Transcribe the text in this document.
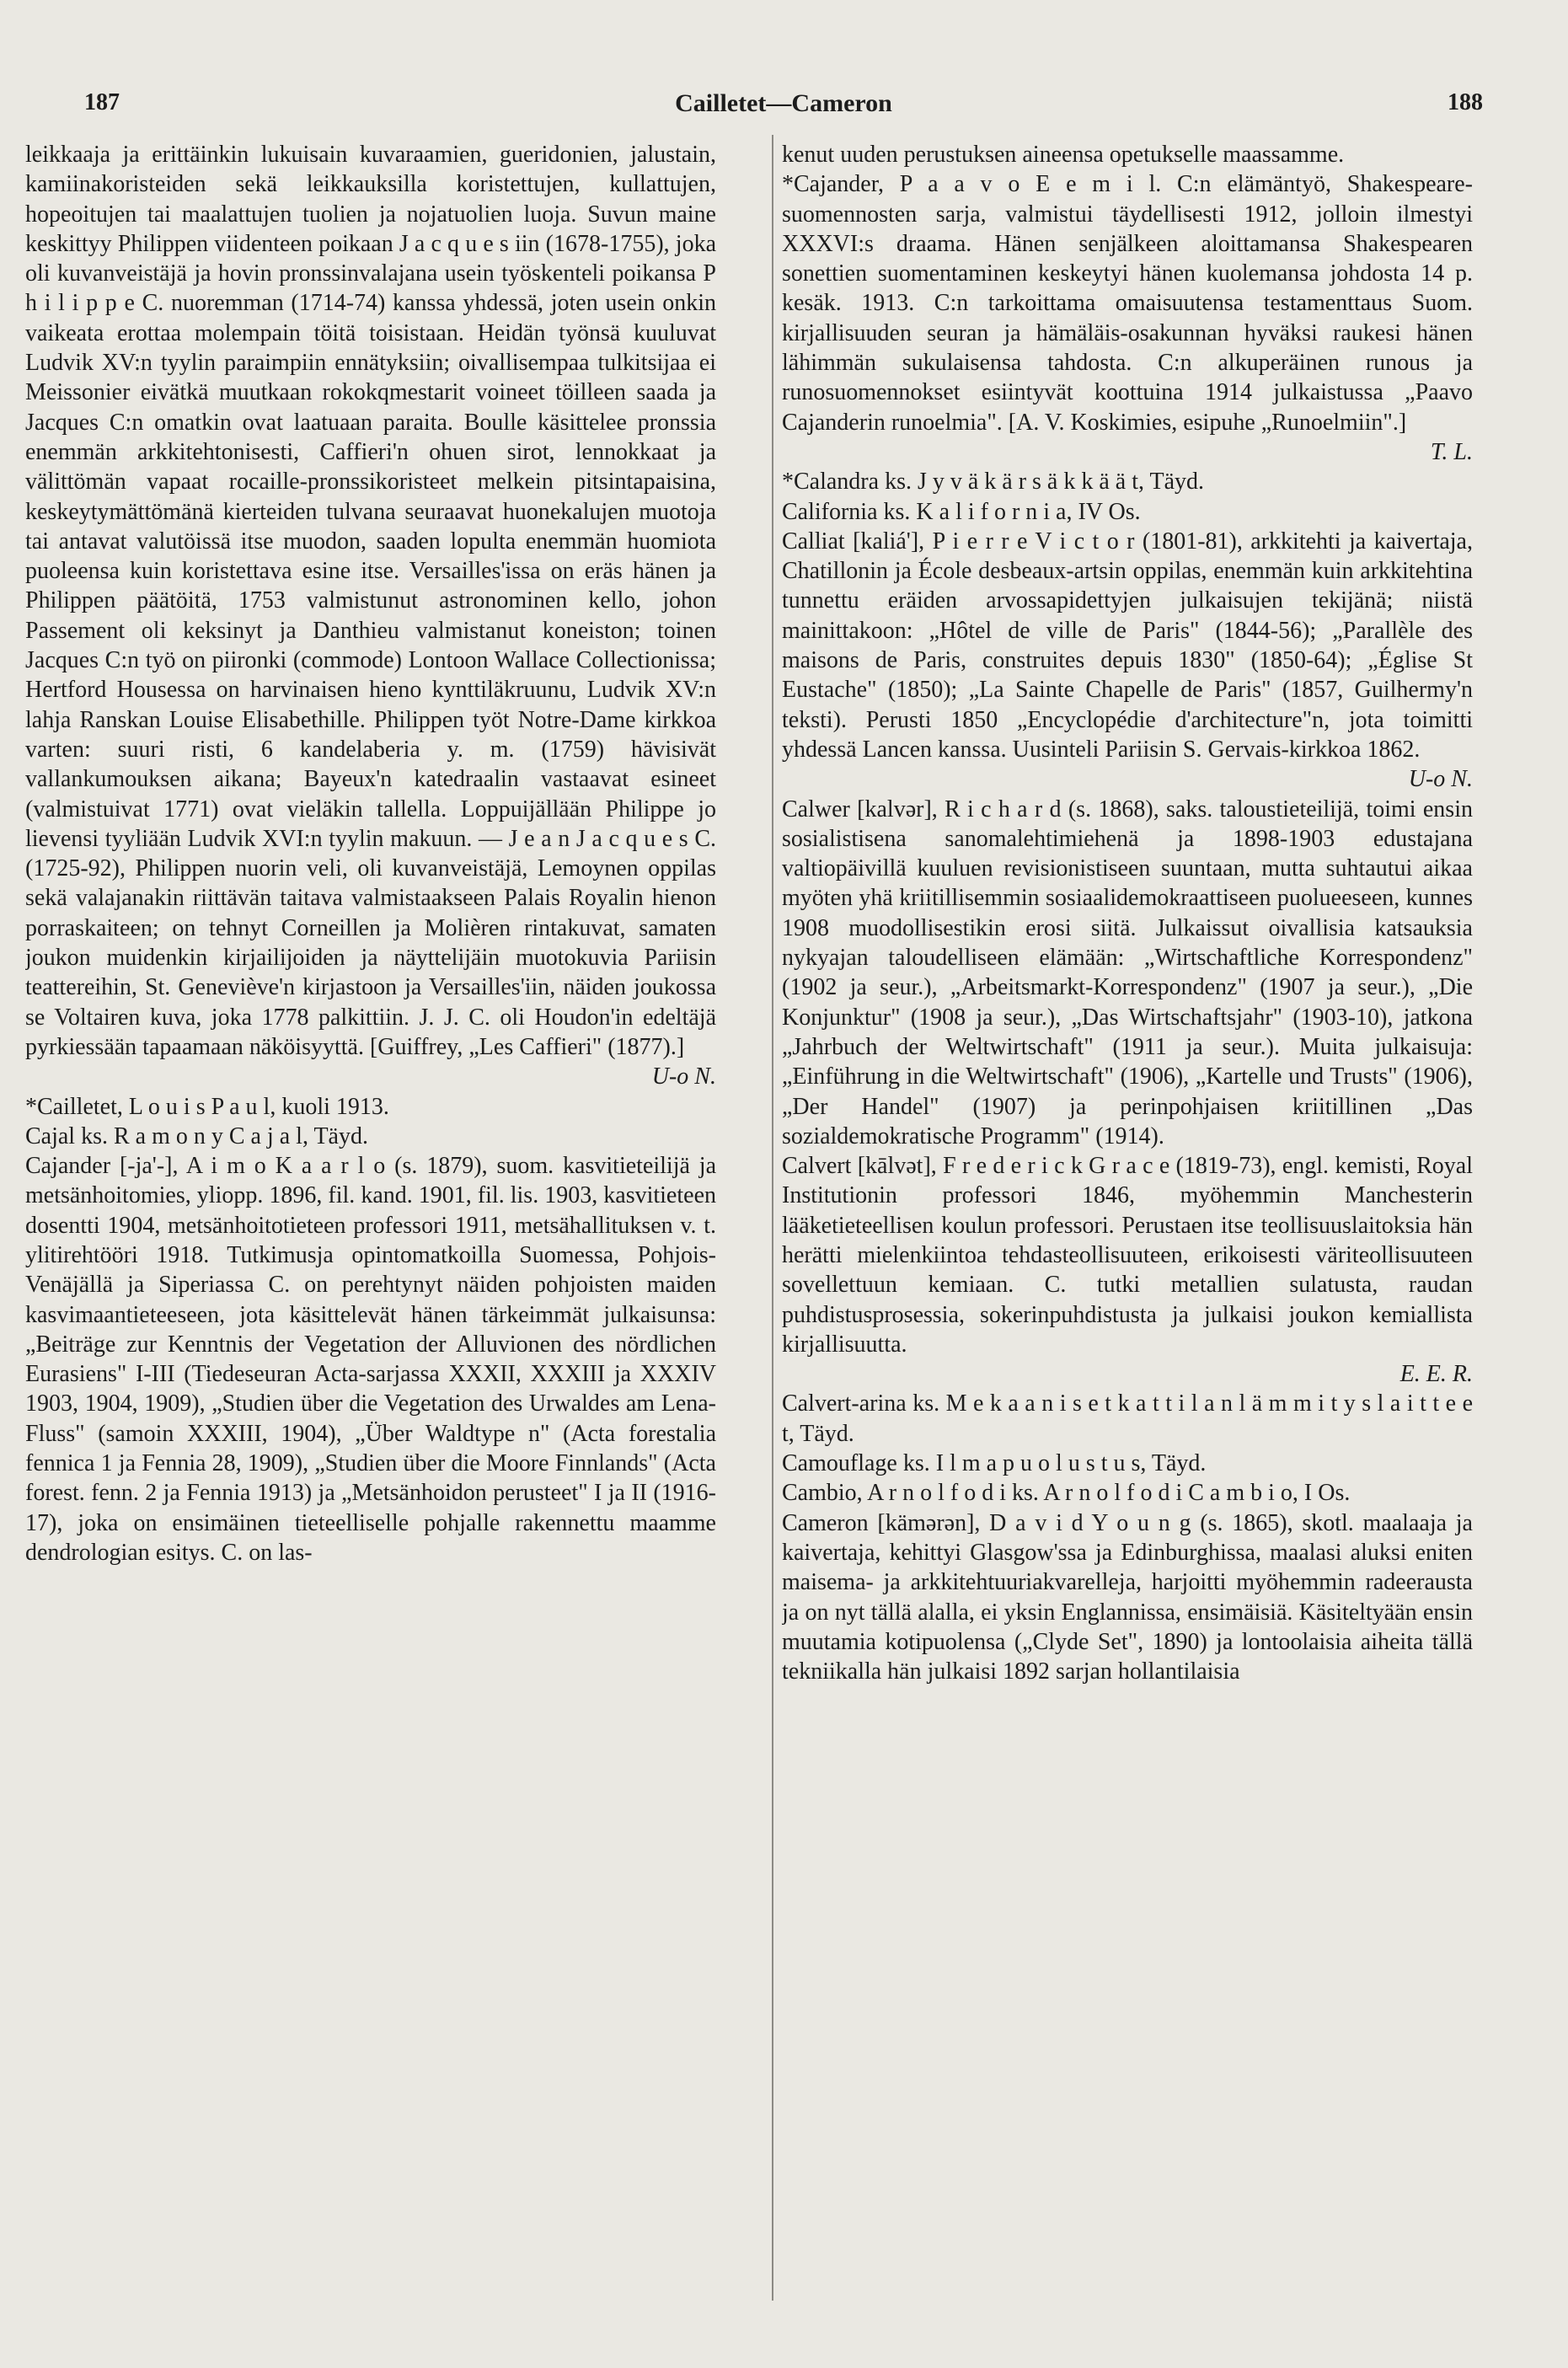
187	Cailletet—Cameron	188

leikkaaja ja erittäinkin lukuisain kuvaraamien, gueridonien, jalustain, kamiinakoristeiden sekä leikkauksilla koristettujen, kullattujen, hopeoitujen tai maalattujen tuolien ja nojatuolien luoja. Suvun maine keskittyy Philippen viidenteen poikaan J a c q u e s iin (1678-1755), joka oli kuvanveistäjä ja hovin pronssinvalajana usein työskenteli poikansa P h i l i p p e C. nuoremman (1714-74) kanssa yhdessä, joten usein onkin vaikeata erottaa molempain töitä toisistaan. Heidän työnsä kuuluvat Ludvik XV:n tyylin paraimpiin ennätyksiin; oivallisempaa tulkitsijaa ei Meissonier eivätkä muutkaan rokokqmestarit voineet töilleen saada ja Jacques C:n omatkin ovat laatuaan paraita. Boulle käsittelee pronssia enemmän arkkitehtonisesti, Caffieri'n ohuen sirot, lennokkaat ja välittömän vapaat rocaille-pronssikoristeet melkein pitsintapaisina, keskeytymättömänä kierteiden tulvana seuraavat huonekalujen muotoja tai antavat valutöissä itse muodon, saaden lopulta enemmän huomiota puoleensa kuin koristettava esine itse. Versailles'issa on eräs hänen ja Philippen päätöitä, 1753 valmistunut astronominen kello, johon Passement oli keksinyt ja Danthieu valmistanut koneiston; toinen Jacques C:n työ on piironki (commode) Lontoon Wallace Collectionissa; Hertford Housessa on harvinaisen hieno kynttiläkruunu, Ludvik XV:n lahja Ranskan Louise Elisabethille. Philippen työt Notre-Dame kirkkoa varten: suuri risti, 6 kandelaberia y. m. (1759) hävisivät vallankumouksen aikana; Bayeux'n katedraalin vastaavat esineet (valmistuivat 1771) ovat vieläkin tallella. Loppuijällään Philippe jo lievensi tyyliään Ludvik XVI:n tyylin makuun. — J e a n J a c q u e s C. (1725-92), Philippen nuorin veli, oli kuvanveistäjä, Lemoynen oppilas sekä valajanakin riittävän taitava valmistaakseen Palais Royalin hienon porraskaiteen; on tehnyt Corneillen ja Molièren rintakuvat, samaten joukon muidenkin kirjailijoiden ja näyttelijäin muotokuvia Pariisin teattereihin, St. Geneviève'n kirjastoon ja Versailles'iin, näiden joukossa se Voltairen kuva, joka 1778 palkittiin. J. J. C. oli Houdon'in edeltäjä pyrkiessään tapaamaan näköisyyttä. [Guiffrey, „Les Caffieri" (1877).]

U-o N.

*Cailletet, L o u i s P a u l, kuoli 1913.

Cajal ks. R a m o n y C a j a l, Täyd.

Cajander [-ja'-], A i m o K a a r l o (s. 1879), suom. kasvitieteilijä ja metsänhoitomies, yliopp. 1896, fil. kand. 1901, fil. lis. 1903, kasvitieteen dosentti 1904, metsänhoitotieteen professori 1911, metsähallituksen v. t. ylitirehtööri 1918. Tutkimusja opintomatkoilla Suomessa, Pohjois-Venäjällä ja Siperiassa C. on perehtynyt näiden pohjoisten maiden kasvimaantieteeseen, jota käsittelevät hänen tärkeimmät julkaisunsa: „Beiträge zur Kenntnis der Vegetation der Alluvionen des nördlichen Eurasiens" I-III (Tiedeseuran Acta-sarjassa XXXII, XXXIII ja XXXIV 1903, 1904, 1909), „Studien über die Vegetation des Urwaldes am Lena-Fluss" (samoin XXXIII, 1904), „Über Waldtype n" (Acta forestalia fennica 1 ja Fennia 28, 1909), „Studien über die Moore Finnlands" (Acta forest. fenn. 2 ja Fennia 1913) ja „Metsänhoidon perusteet" I ja II (1916-17), joka on ensimäinen tieteelliselle pohjalle rakennettu maamme dendrologian esitys. C. on las-

kenut uuden perustuksen aineensa opetukselle maassamme.

*Cajander, P a a v o E e m i l. C:n elämäntyö, Shakespeare-suomennosten sarja, valmistui täydellisesti 1912, jolloin ilmestyi XXXVI:s draama. Hänen senjälkeen aloittamansa Shakespearen sonettien suomentaminen keskeytyi hänen kuolemansa johdosta 14 p. kesäk. 1913. C:n tarkoittama omaisuutensa testamenttaus Suom. kirjallisuuden seuran ja hämäläis-osakunnan hyväksi raukesi hänen lähimmän sukulaisensa tahdosta. C:n alkuperäinen runous ja runosuomennokset esiintyvät koottuina 1914 julkaistussa „Paavo Cajanderin runoelmia". [A. V. Koskimies, esipuhe „Runoelmiin".]

T. L.

*Calandra ks. J y v ä k ä r s ä k k ä ä t, Täyd.

California ks. K a l i f o r n i a, IV Os.

Calliat [kaliá'], P i e r r e V i c t o r (1801-81), arkkitehti ja kaivertaja, Chatillonin ja École desbeaux-artsin oppilas, enemmän kuin arkkitehtina tunnettu eräiden arvossapidettyjen julkaisujen tekijänä; niistä mainittakoon: „Hôtel de ville de Paris" (1844-56); „Parallèle des maisons de Paris, construites depuis 1830" (1850-64); „Église St Eustache" (1850); „La Sainte Chapelle de Paris" (1857, Guilhermy'n teksti). Perusti 1850 „Encyclopédie d'architecture"n, jota toimitti yhdessä Lancen kanssa. Uusinteli Pariisin S. Gervais-kirkkoa 1862.

U-o N.

Calwer [kalvər], R i c h a r d (s. 1868), saks. taloustieteilijä, toimi ensin sosialistisena sanomalehtimiehenä ja 1898-1903 edustajana valtiopäivillä kuuluen revisionistiseen suuntaan, mutta suhtautui aikaa myöten yhä kriitillisemmin sosiaalidemokraattiseen puolueeseen, kunnes 1908 muodollisestikin erosi siitä. Julkaissut oivallisia katsauksia nykyajan taloudelliseen elämään: „Wirtschaftliche Korrespondenz" (1902 ja seur.), „Arbeitsmarkt-Korrespondenz" (1907 ja seur.), „Die Konjunktur" (1908 ja seur.), „Das Wirtschaftsjahr" (1903-10), jatkona „Jahrbuch der Weltwirtschaft" (1911 ja seur.). Muita julkaisuja: „Einführung in die Weltwirtschaft" (1906), „Kartelle und Trusts" (1906), „Der Handel" (1907) ja perinpohjaisen kriitillinen „Das sozialdemokratische Programm" (1914).

Calvert [kālvət], F r e d e r i c k G r a c e (1819-73), engl. kemisti, Royal Institutionin professori 1846, myöhemmin Manchesterin lääketieteellisen koulun professori. Perustaen itse teollisuuslaitoksia hän herätti mielenkiintoa tehdasteollisuuteen, erikoisesti väriteollisuuteen sovellettuun kemiaan. C. tutki metallien sulatusta, raudan puhdistusprosessia, sokerinpuhdistusta ja julkaisi joukon kemiallista kirjallisuutta.

E. E. R.

Calvert-arina ks. M e k a a n i s e t k a t t i l a n l ä m m i t y s l a i t t e e t, Täyd.

Camouflage ks. I l m a p u o l u s t u s, Täyd.

Cambio, A r n o l f o d i ks. A r n o l f o d i C a m b i o, I Os.

Cameron [kämərən], D a v i d Y o u n g (s. 1865), skotl. maalaaja ja kaivertaja, kehittyi Glasgow'ssa ja Edinburghissa, maalasi aluksi eniten maisema- ja arkkitehtuuriakvarelleja, harjoitti myöhemmin radeerausta ja on nyt tällä alalla, ei yksin Englannissa, ensimäisiä. Käsiteltyään ensin muutamia kotipuolensa („Clyde Set", 1890) ja lontoolaisia aiheita tällä tekniikalla hän julkaisi 1892 sarjan hollantilaisia
